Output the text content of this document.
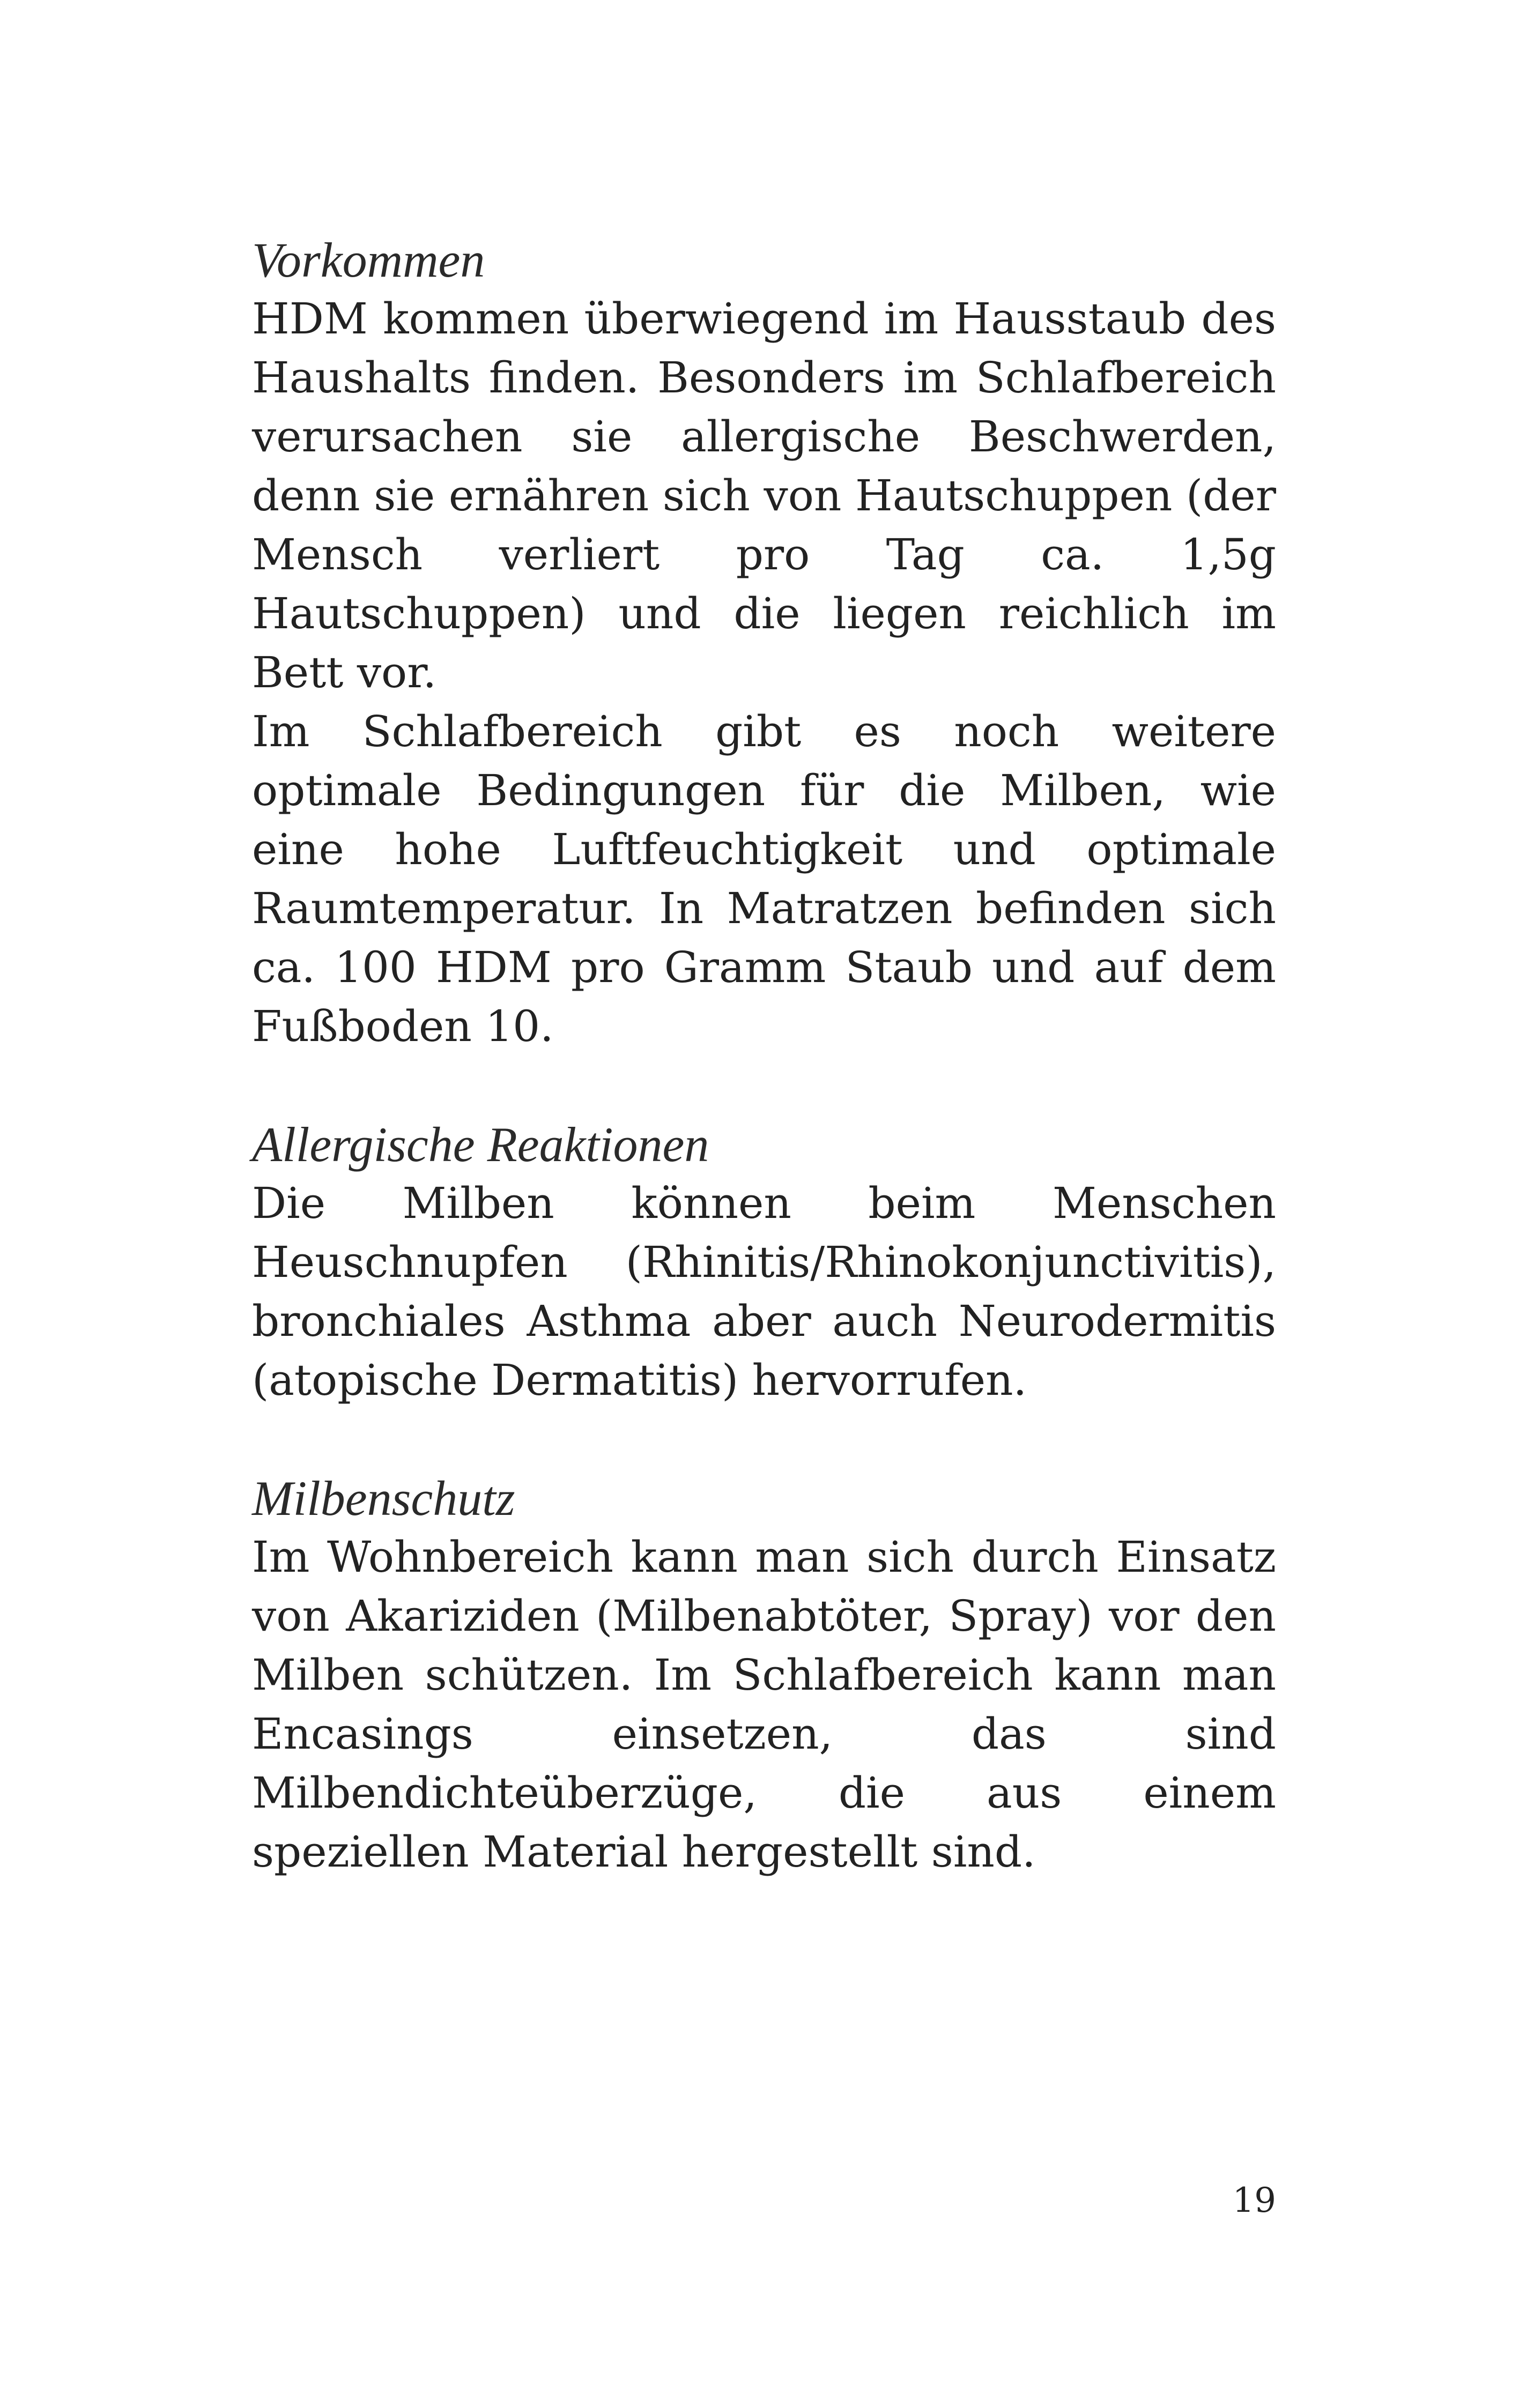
Vorkommen
HDM kommen überwiegend im Hausstaub des Haushalts finden. Besonders im Schlafbereich verursachen sie allergische Beschwerden, denn sie ernähren sich von Hautschuppen (der Mensch verliert pro Tag ca. 1,5g Hautschuppen) und die liegen reichlich im Bett vor.
Im Schlafbereich gibt es noch weitere optimale Bedingungen für die Milben, wie eine hohe Luftfeuchtigkeit und optimale Raumtemperatur. In Matratzen befinden sich ca. 100 HDM pro Gramm Staub und auf dem Fußboden 10.
Allergische Reaktionen
Die Milben können beim Menschen Heuschnupfen (Rhinitis/Rhinokonjunctivitis), bronchiales Asthma aber auch Neurodermitis (atopische Dermatitis) hervorrufen.
Milbenschutz
Im Wohnbereich kann man sich durch Einsatz von Akariziden (Milbenabtöter, Spray) vor den Milben schützen. Im Schlafbereich kann man Encasings einsetzen, das sind Milbendichteüberzüge, die aus einem speziellen Material hergestellt sind.
19
